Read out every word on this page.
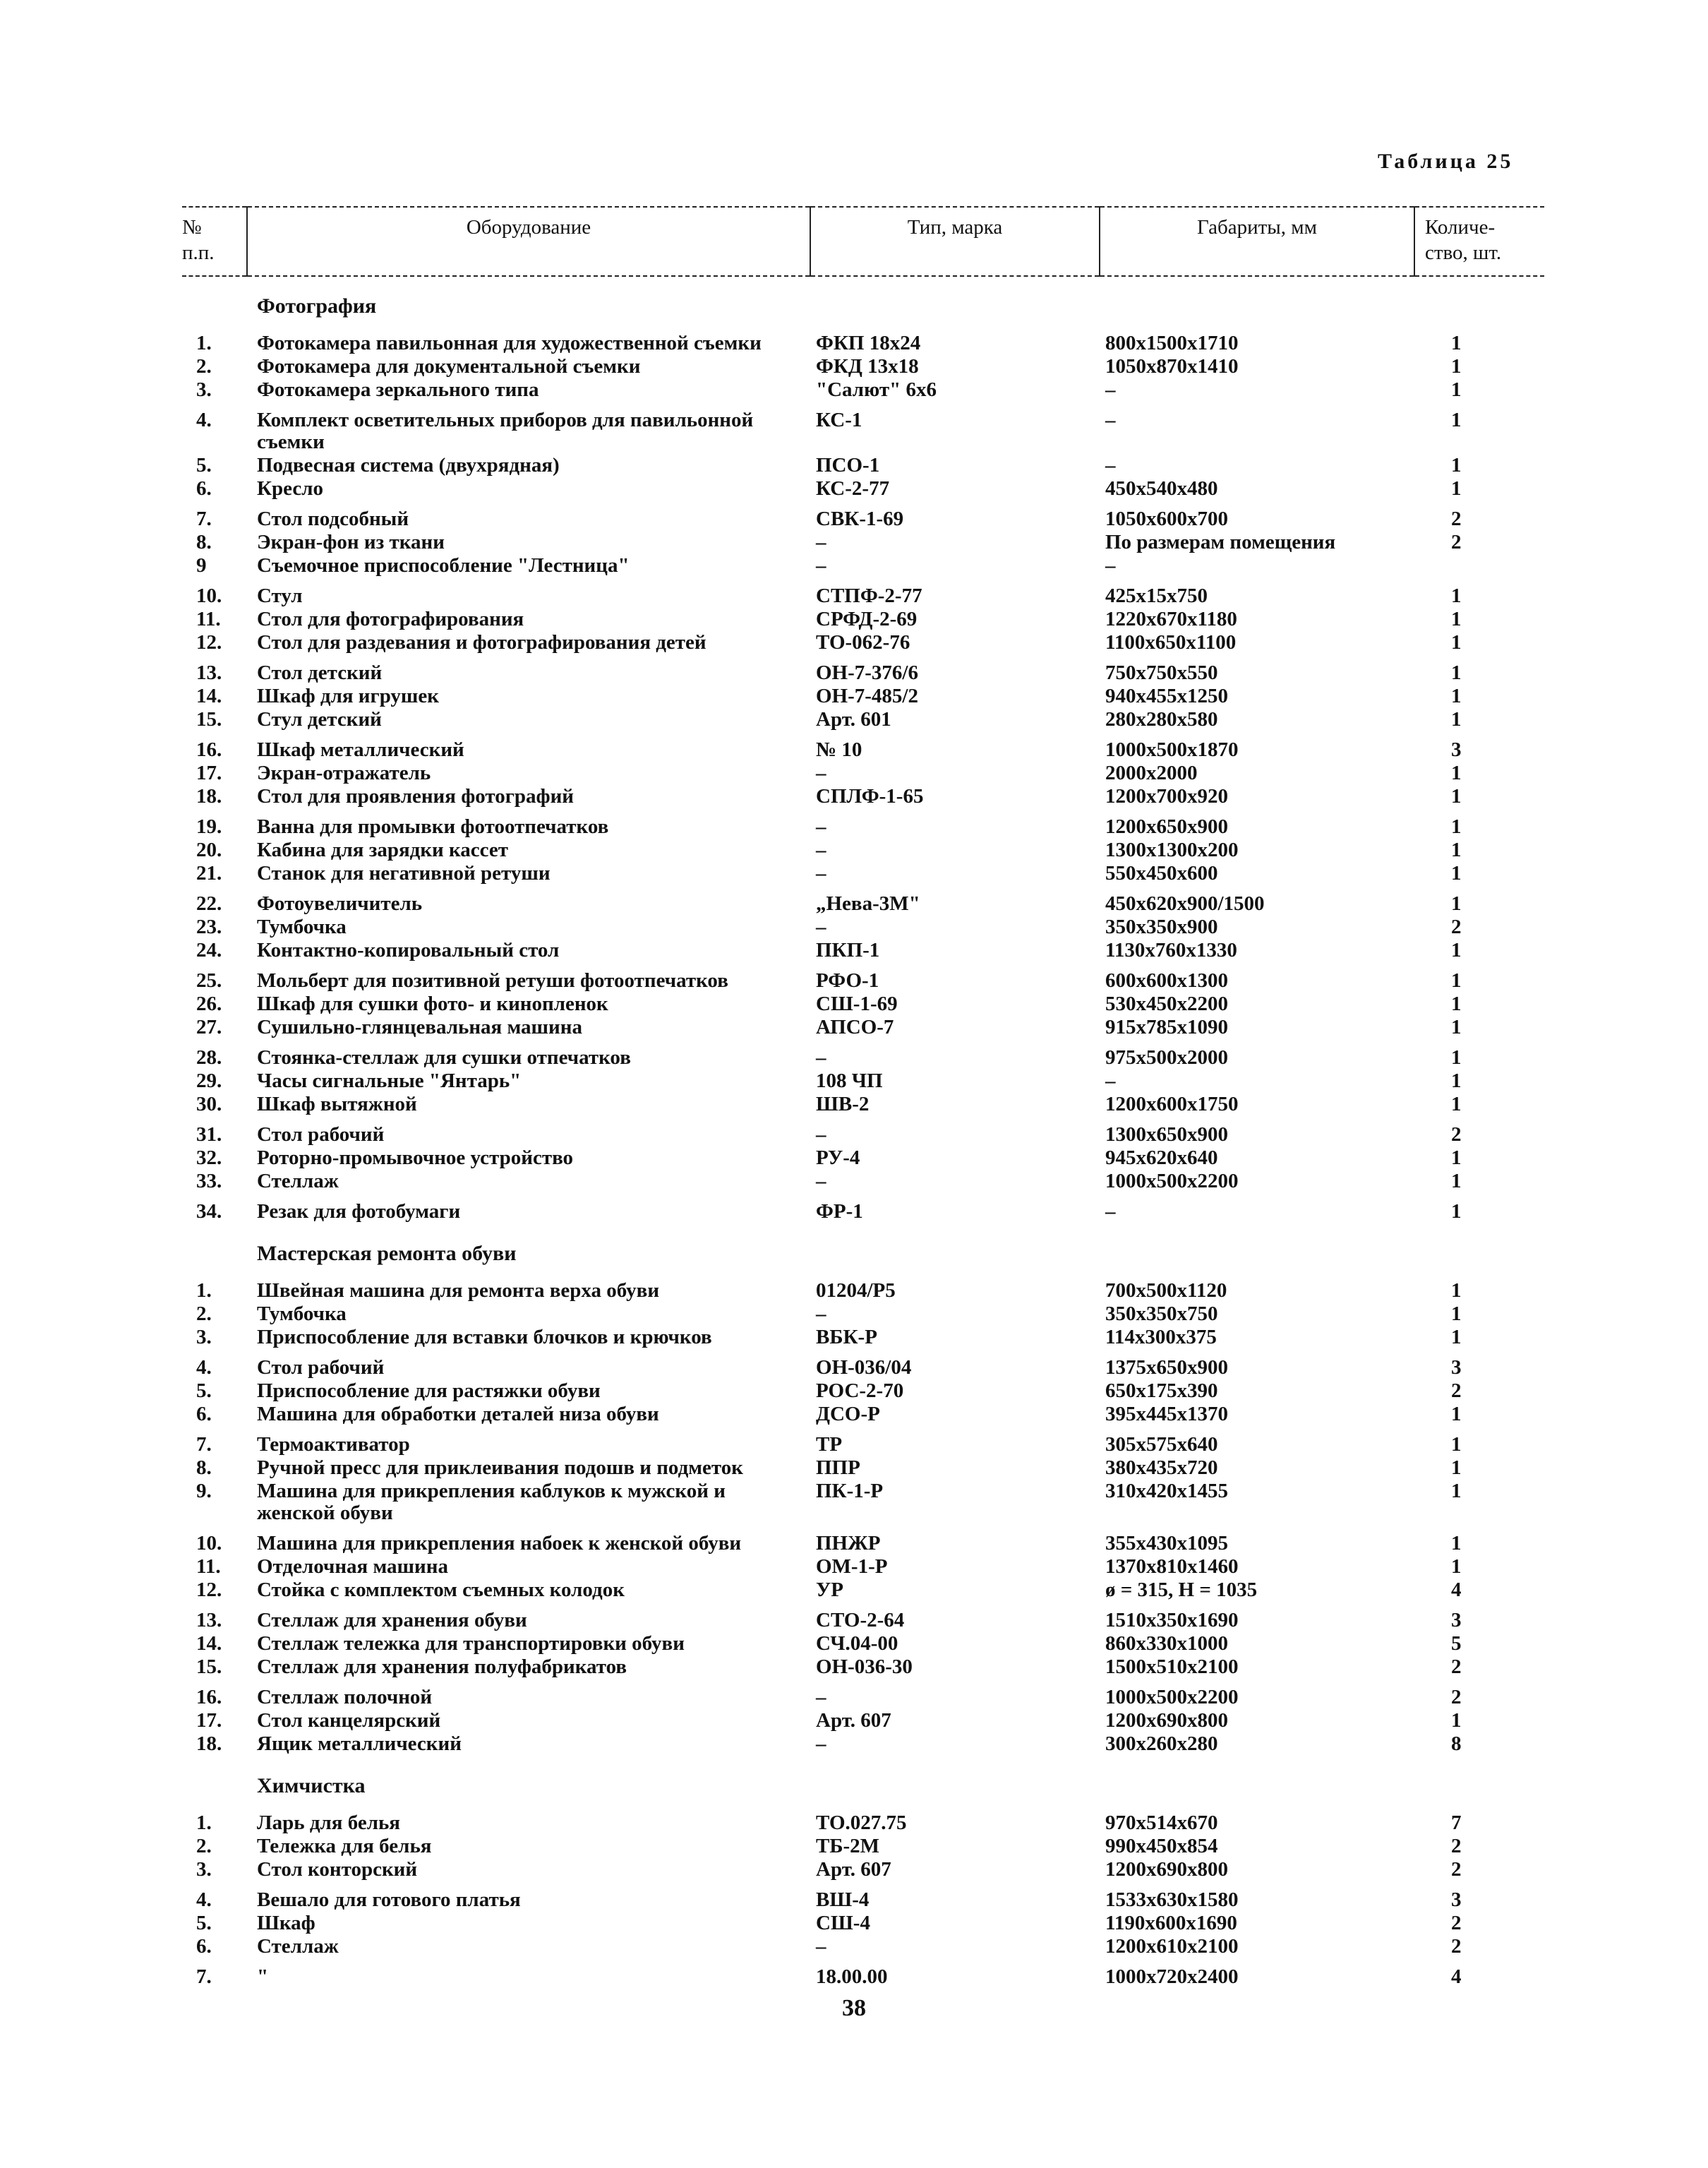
Таблица 25
№ п.п.	Оборудование	Тип, марка	Габариты, мм	Количе-ство, шт.
	Фотография			
1.	Фотокамера павильонная для художественной съемки	ФКП 18x24	800x1500x1710	1
2.	Фотокамера для документальной съемки	ФКД 13x18	1050x870x1410	1
3.	Фотокамера зеркального типа	"Салют" 6x6	–	1
4.	Комплект осветительных приборов для павильонной съемки	КС-1	–	1
5.	Подвесная система (двухрядная)	ПСО-1	–	1
6.	Кресло	КС-2-77	450x540x480	1
7.	Стол подсобный	СВК-1-69	1050x600x700	2
8.	Экран-фон из ткани	–	По размерам помещения	2
9	Съемочное приспособление "Лестница"	–	–	
10.	Стул	СТПФ-2-77	425x15x750	1
11.	Стол для фотографирования	СРФД-2-69	1220x670x1180	1
12.	Стол для раздевания и фотографирования детей	ТО-062-76	1100x650x1100	1
13.	Стол детский	ОН-7-376/6	750x750x550	1
14.	Шкаф для игрушек	ОН-7-485/2	940x455x1250	1
15.	Стул детский	Арт. 601	280x280x580	1
16.	Шкаф металлический	№ 10	1000x500x1870	3
17.	Экран-отражатель	–	2000x2000	1
18.	Стол для проявления фотографий	СПЛФ-1-65	1200x700x920	1
19.	Ванна для промывки фотоотпечатков	–	1200x650x900	1
20.	Кабина для зарядки кассет	–	1300x1300x200	1
21.	Станок для негативной ретуши	–	550x450x600	1
22.	Фотоувеличитель	„Нева-3М"	450x620x900/1500	1
23.	Тумбочка	–	350x350x900	2
24.	Контактно-копировальный стол	ПКП-1	1130x760x1330	1
25.	Мольберт для позитивной ретуши фотоотпечатков	РФО-1	600x600x1300	1
26.	Шкаф для сушки фото- и кинопленок	СШ-1-69	530x450x2200	1
27.	Сушильно-глянцевальная машина	АПСО-7	915x785x1090	1
28.	Стоянка-стеллаж для сушки отпечатков	–	975x500x2000	1
29.	Часы сигнальные "Янтарь"	108 ЧП	–	1
30.	Шкаф вытяжной	ШВ-2	1200x600x1750	1
31.	Стол рабочий	–	1300x650x900	2
32.	Роторно-промывочное устройство	РУ-4	945x620x640	1
33.	Стеллаж	–	1000x500x2200	1
34.	Резак для фотобумаги	ФР-1	–	1
	Мастерская ремонта обуви			
1.	Швейная машина для ремонта верха обуви	01204/Р5	700x500x1120	1
2.	Тумбочка	–	350x350x750	1
3.	Приспособление для вставки блочков и крючков	ВБК-Р	114x300x375	1
4.	Стол рабочий	ОН-036/04	1375x650x900	3
5.	Приспособление для растяжки обуви	РОС-2-70	650x175x390	2
6.	Машина для обработки деталей низа обуви	ДСО-Р	395x445x1370	1
7.	Термоактиватор	ТР	305x575x640	1
8.	Ручной пресс для приклеивания подошв и подметок	ППР	380x435x720	1
9.	Машина для прикрепления каблуков к мужской и женской обуви	ПК-1-Р	310x420x1455	1
10.	Машина для прикрепления набоек к женской обуви	ПНЖР	355x430x1095	1
11.	Отделочная машина	ОМ-1-Р	1370x810x1460	1
12.	Стойка с комплектом съемных колодок	УР	ø = 315, H = 1035	4
13.	Стеллаж для хранения обуви	СТО-2-64	1510x350x1690	3
14.	Стеллаж тележка для транспортировки обуви	СЧ.04-00	860x330x1000	5
15.	Стеллаж для хранения полуфабрикатов	ОН-036-30	1500x510x2100	2
16.	Стеллаж полочной	–	1000x500x2200	2
17.	Стол канцелярский	Арт. 607	1200x690x800	1
18.	Ящик металлический	–	300x260x280	8
	Химчистка			
1.	Ларь для белья	ТО.027.75	970x514x670	7
2.	Тележка для белья	ТБ-2М	990x450x854	2
3.	Стол конторский	Арт. 607	1200x690x800	2
4.	Вешало для готового платья	ВШ-4	1533x630x1580	3
5.	Шкаф	СШ-4	1190x600x1690	2
6.	Стеллаж	–	1200x610x2100	2
7.	"	18.00.00	1000x720x2400	4
38
